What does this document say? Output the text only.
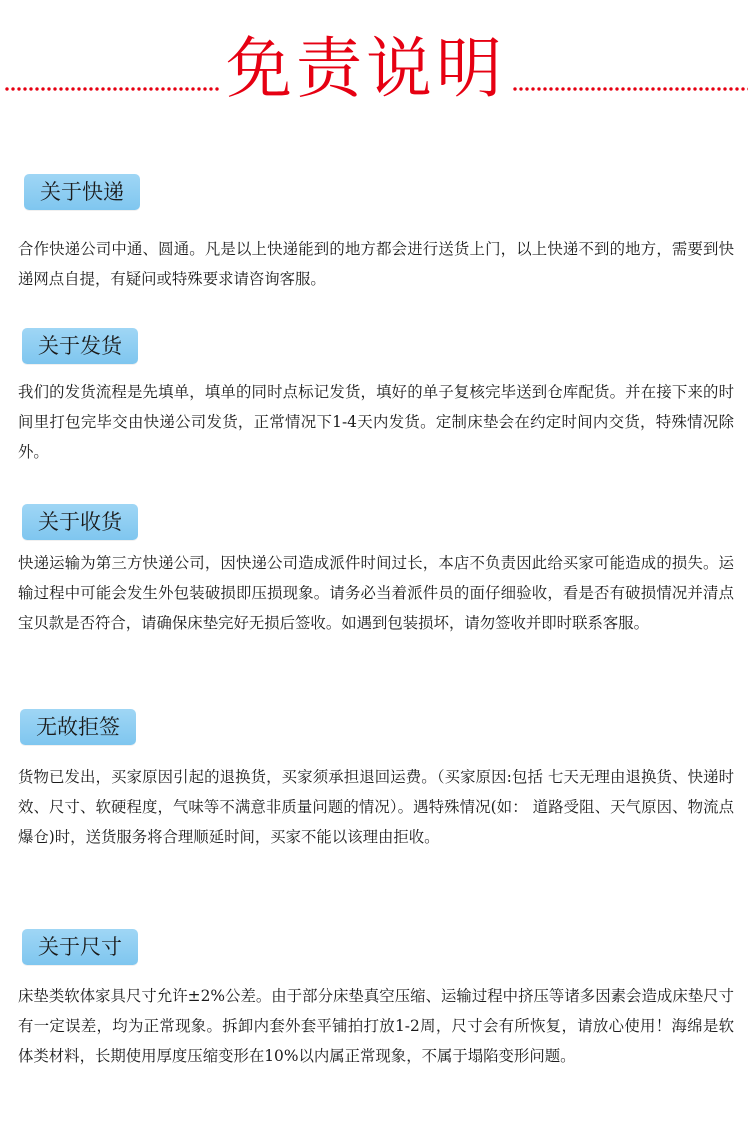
免责说明
关于快递

合作快递公司中通、圆通。凡是以上快递能到的地方都会进行送货上门，以上快递不到的地方，需要到快递网点自提，有疑问或特殊要求请咨询客服。

关于发货

我们的发货流程是先填单，填单的同时点标记发货，填好的单子复核完毕送到仓库配货。并在接下来的时间里打包完毕交由快递公司发货，正常情况下1-4天内发货。定制床垫会在约定时间内交货，特殊情况除外。

关于收货

快递运输为第三方快递公司，因快递公司造成派件时间过长，本店不负责因此给买家可能造成的损失。运输过程中可能会发生外包装破损即压损现象。请务必当着派件员的面仔细验收，看是否有破损情况并清点宝贝款是否符合，请确保床垫完好无损后签收。如遇到包装损坏，请勿签收并即时联系客服。

无故拒签

货物已发出，买家原因引起的退换货，买家须承担退回运费。（买家原因:包括 七天无理由退换货、快递时效、尺寸、软硬程度，气味等不满意非质量问题的情况）。遇特殊情况(如： 道路受阻、天气原因、物流点爆仓)时，送货服务将合理顺延时间，买家不能以该理由拒收。

关于尺寸

床垫类软体家具尺寸允许±2%公差。由于部分床垫真空压缩、运输过程中挤压等诸多因素会造成床垫尺寸有一定误差，均为正常现象。拆卸内套外套平铺拍打放1-2周，尺寸会有所恢复，请放心使用！海绵是软体类材料，长期使用厚度压缩变形在10%以内属正常现象，不属于塌陷变形问题。
